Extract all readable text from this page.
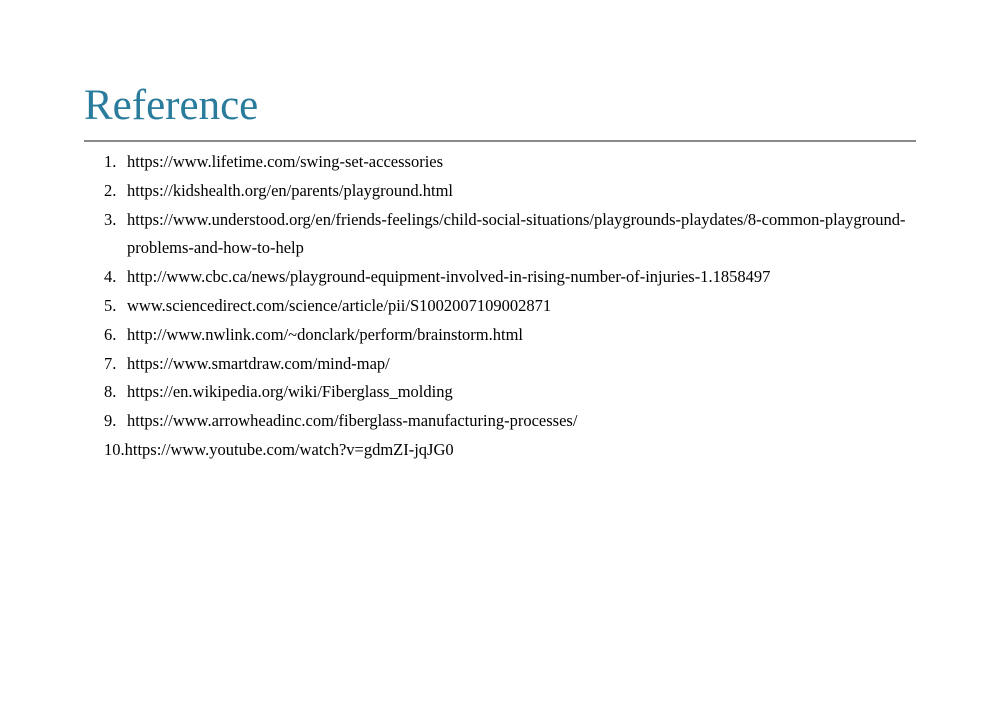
Reference
1. https://www.lifetime.com/swing-set-accessories
2. https://kidshealth.org/en/parents/playground.html
3. https://www.understood.org/en/friends-feelings/child-social-situations/playgrounds-playdates/8-common-playground-problems-and-how-to-help
4. http://www.cbc.ca/news/playground-equipment-involved-in-rising-number-of-injuries-1.1858497
5. www.sciencedirect.com/science/article/pii/S1002007109002871
6. http://www.nwlink.com/~donclark/perform/brainstorm.html
7. https://www.smartdraw.com/mind-map/
8. https://en.wikipedia.org/wiki/Fiberglass_molding
9. https://www.arrowheadinc.com/fiberglass-manufacturing-processes/
10. https://www.youtube.com/watch?v=gdmZI-jqJG0
